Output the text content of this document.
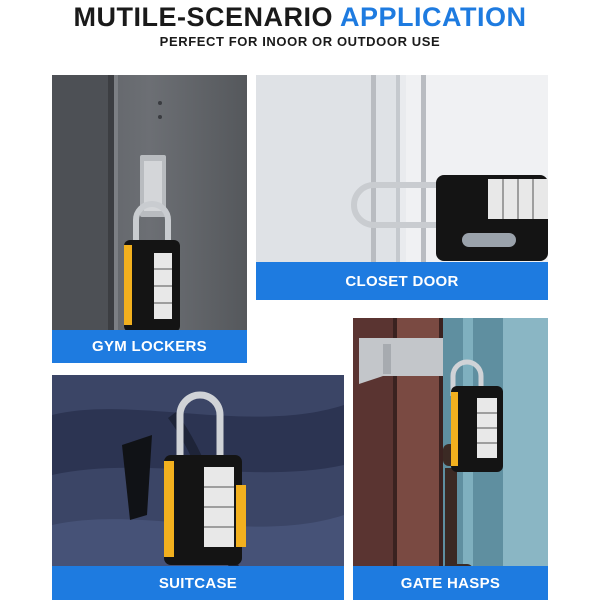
MUTILE-SCENARIO APPLICATION
PERFECT FOR INOOR OR OUTDOOR USE
GYM LOCKERS
CLOSET DOOR
SUITCASE	GATE HASPS
